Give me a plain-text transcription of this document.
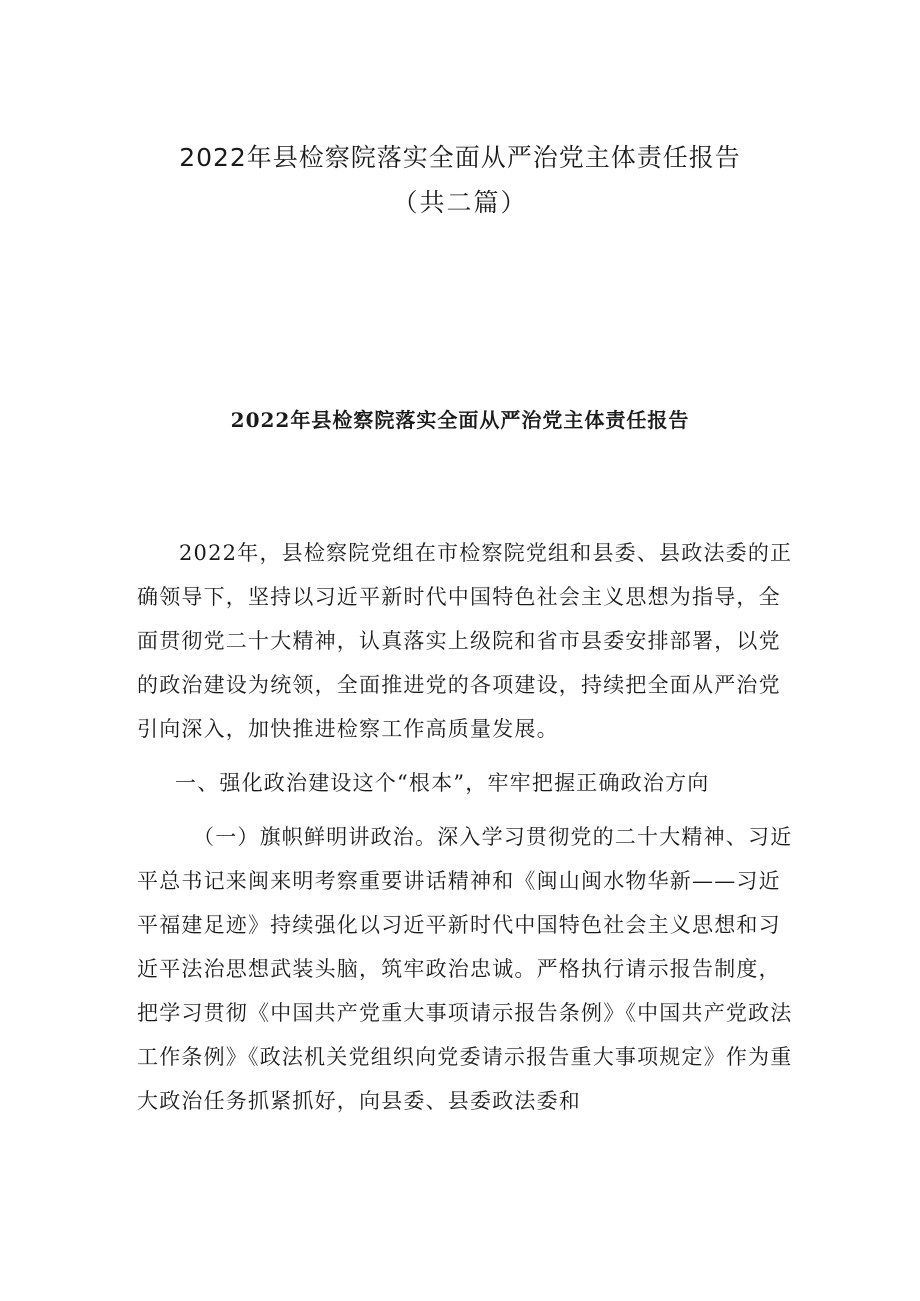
2022年县检察院落实全面从严治党主体责任报告
（共二篇）
2022年县检察院落实全面从严治党主体责任报告

2022年，县检察院党组在市检察院党组和县委、县政法委的正确领导下，坚持以习近平新时代中国特色社会主义思想为指导，全面贯彻党二十大精神，认真落实上级院和省市县委安排部署，以党的政治建设为统领，全面推进党的各项建设，持续把全面从严治党引向深入，加快推进检察工作高质量发展。

一、强化政治建设这个“根本”，牢牢把握正确政治方向

（一）旗帜鲜明讲政治。深入学习贯彻党的二十大精神、习近平总书记来闽来明考察重要讲话精神和《闽山闽水物华新——习近平福建足迹》持续强化以习近平新时代中国特色社会主义思想和习近平法治思想武装头脑，筑牢政治忠诚。严格执行请示报告制度，把学习贯彻《中国共产党重大事项请示报告条例》《中国共产党政法工作条例》《政法机关党组织向党委请示报告重大事项规定》作为重大政治任务抓紧抓好，向县委、县委政法委和
